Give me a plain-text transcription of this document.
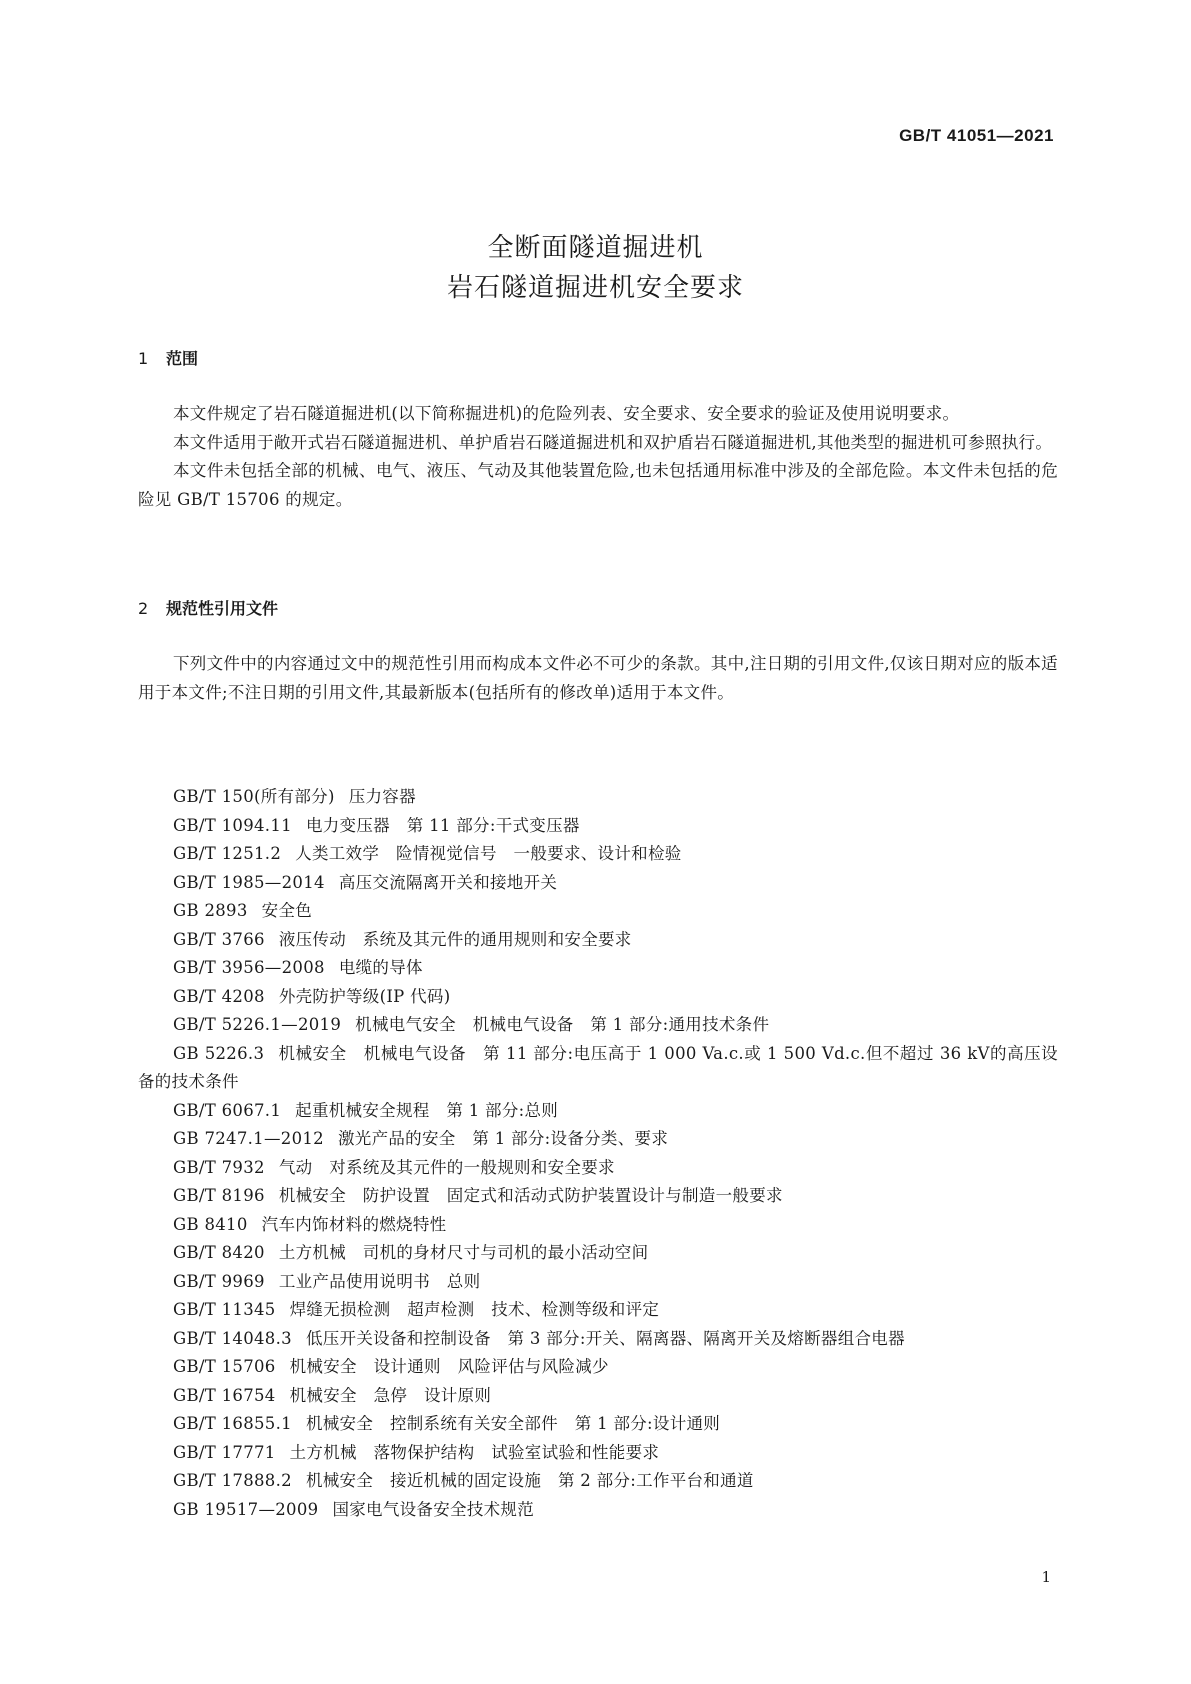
GB/T 41051—2021
全断面隧道掘进机
岩石隧道掘进机安全要求
1 范围

本文件规定了岩石隧道掘进机(以下简称掘进机)的危险列表、安全要求、安全要求的验证及使用说明要求。

本文件适用于敞开式岩石隧道掘进机、单护盾岩石隧道掘进机和双护盾岩石隧道掘进机,其他类型的掘进机可参照执行。

本文件未包括全部的机械、电气、液压、气动及其他装置危险,也未包括通用标准中涉及的全部危险。本文件未包括的危险见 GB/T 15706 的规定。

2 规范性引用文件

下列文件中的内容通过文中的规范性引用而构成本文件必不可少的条款。其中,注日期的引用文件,仅该日期对应的版本适用于本文件;不注日期的引用文件,其最新版本(包括所有的修改单)适用于本文件。

GB/T 150(所有部分) 压力容器
GB/T 1094.11 电力变压器　第 11 部分:干式变压器
GB/T 1251.2 人类工效学　险情视觉信号　一般要求、设计和检验
GB/T 1985—2014 高压交流隔离开关和接地开关
GB 2893 安全色
GB/T 3766 液压传动　系统及其元件的通用规则和安全要求
GB/T 3956—2008 电缆的导体
GB/T 4208 外壳防护等级(IP 代码)
GB/T 5226.1—2019 机械电气安全　机械电气设备　第 1 部分:通用技术条件
GB 5226.3 机械安全　机械电气设备　第 11 部分:电压高于 1 000 Va.c.或 1 500 Vd.c.但不超过 36 kV的高压设备的技术条件
GB/T 6067.1 起重机械安全规程　第 1 部分:总则
GB 7247.1—2012 激光产品的安全　第 1 部分:设备分类、要求
GB/T 7932 气动　对系统及其元件的一般规则和安全要求
GB/T 8196 机械安全　防护设置　固定式和活动式防护装置设计与制造一般要求
GB 8410 汽车内饰材料的燃烧特性
GB/T 8420 土方机械　司机的身材尺寸与司机的最小活动空间
GB/T 9969 工业产品使用说明书　总则
GB/T 11345 焊缝无损检测　超声检测　技术、检测等级和评定
GB/T 14048.3 低压开关设备和控制设备　第 3 部分:开关、隔离器、隔离开关及熔断器组合电器
GB/T 15706 机械安全　设计通则　风险评估与风险减少
GB/T 16754 机械安全　急停　设计原则
GB/T 16855.1 机械安全　控制系统有关安全部件　第 1 部分:设计通则
GB/T 17771 土方机械　落物保护结构　试验室试验和性能要求
GB/T 17888.2 机械安全　接近机械的固定设施　第 2 部分:工作平台和通道
GB 19517—2009 国家电气设备安全技术规范
1
